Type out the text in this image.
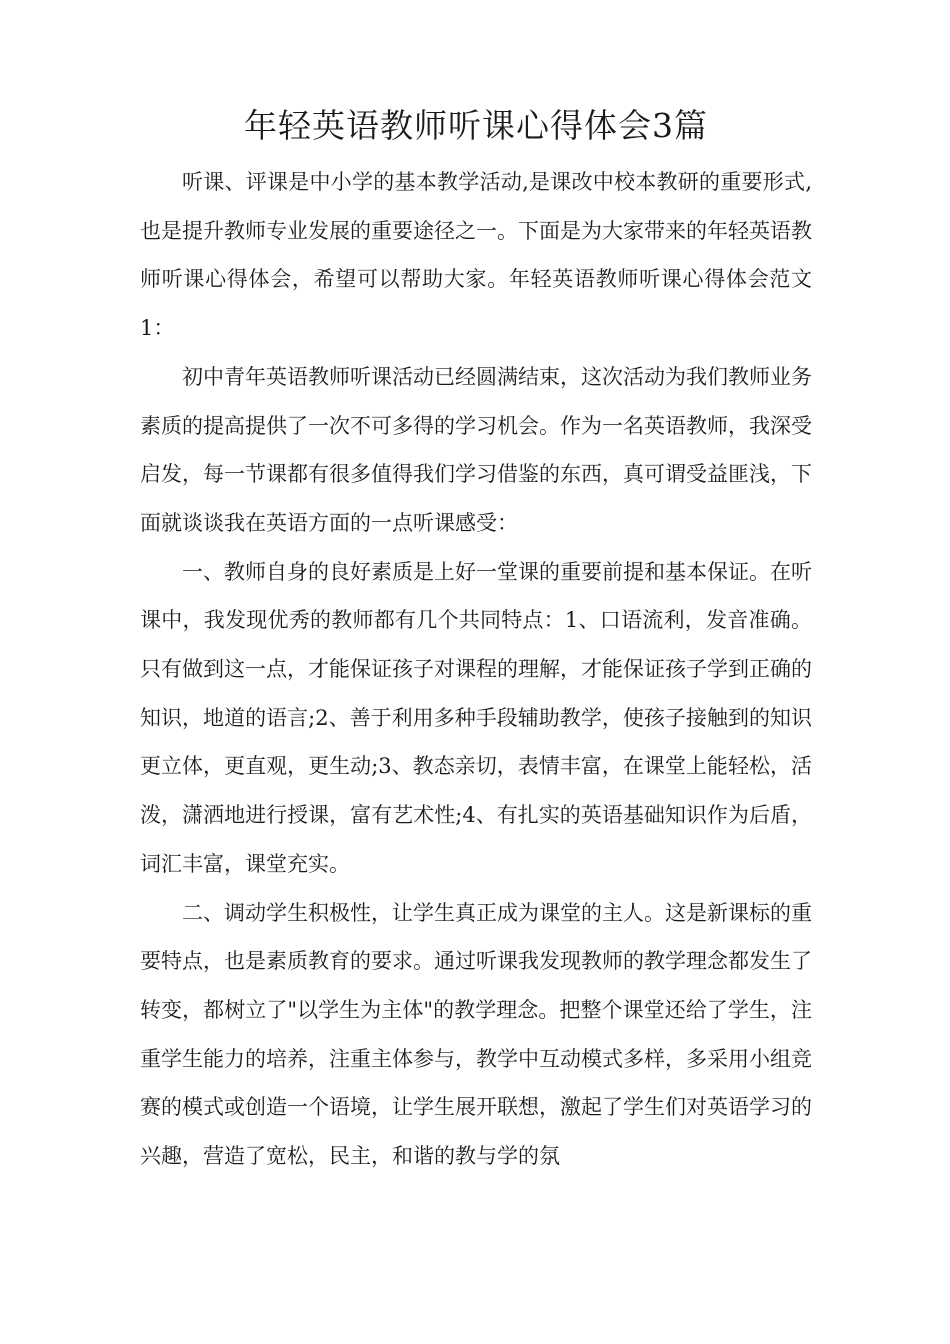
年轻英语教师听课心得体会3篇

听课、评课是中小学的基本教学活动,是课改中校本教研的重要形式,也是提升教师专业发展的重要途径之一。下面是为大家带来的年轻英语教师听课心得体会，希望可以帮助大家。年轻英语教师听课心得体会范文1：

初中青年英语教师听课活动已经圆满结束，这次活动为我们教师业务素质的提高提供了一次不可多得的学习机会。作为一名英语教师，我深受启发，每一节课都有很多值得我们学习借鉴的东西，真可谓受益匪浅，下面就谈谈我在英语方面的一点听课感受：

一、教师自身的良好素质是上好一堂课的重要前提和基本保证。在听课中，我发现优秀的教师都有几个共同特点：1、口语流利，发音准确。只有做到这一点，才能保证孩子对课程的理解，才能保证孩子学到正确的知识，地道的语言;2、善于利用多种手段辅助教学，使孩子接触到的知识更立体，更直观，更生动;3、教态亲切，表情丰富，在课堂上能轻松，活泼，潇洒地进行授课，富有艺术性;4、有扎实的英语基础知识作为后盾，词汇丰富，课堂充实。

二、调动学生积极性，让学生真正成为课堂的主人。这是新课标的重要特点，也是素质教育的要求。通过听课我发现教师的教学理念都发生了转变，都树立了"以学生为主体"的教学理念。把整个课堂还给了学生，注重学生能力的培养，注重主体参与，教学中互动模式多样，多采用小组竞赛的模式或创造一个语境，让学生展开联想，激起了学生们对英语学习的兴趣，营造了宽松，民主，和谐的教与学的氛
